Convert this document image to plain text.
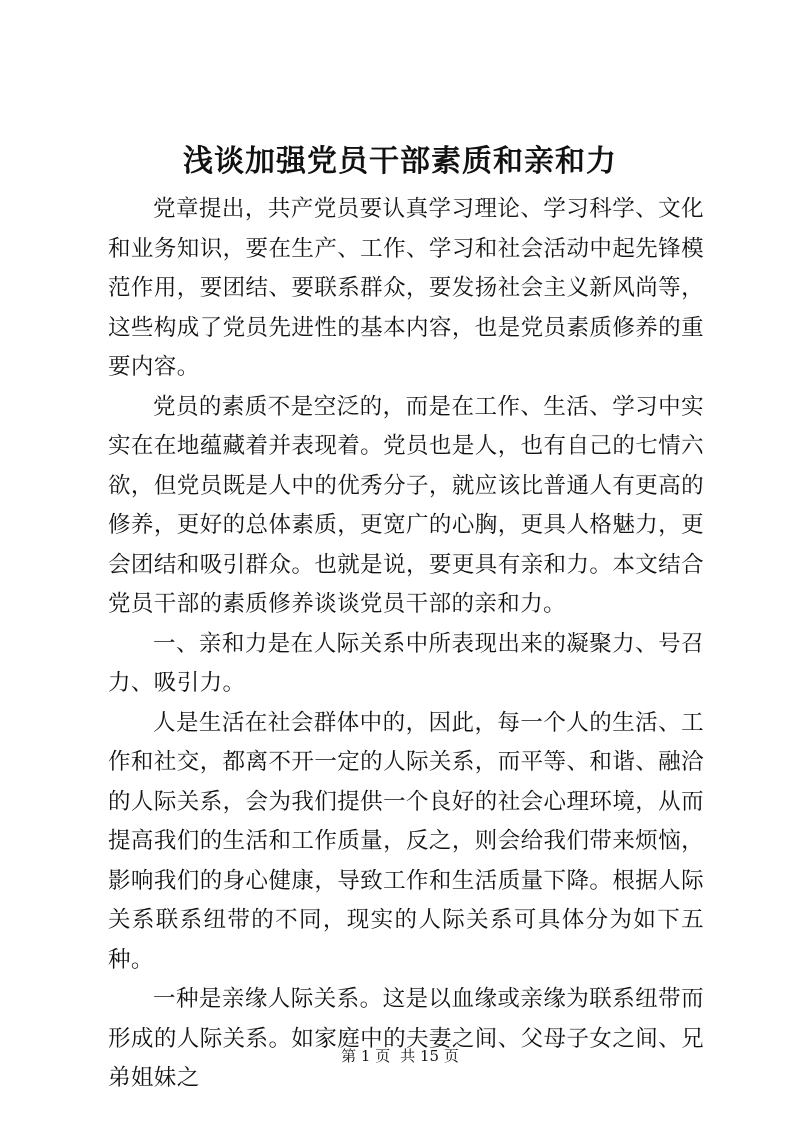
浅谈加强党员干部素质和亲和力

党章提出，共产党员要认真学习理论、学习科学、文化和业务知识，要在生产、工作、学习和社会活动中起先锋模范作用，要团结、要联系群众，要发扬社会主义新风尚等，这些构成了党员先进性的基本内容，也是党员素质修养的重要内容。

党员的素质不是空泛的，而是在工作、生活、学习中实实在在地蕴藏着并表现着。党员也是人，也有自己的七情六欲，但党员既是人中的优秀分子，就应该比普通人有更高的修养，更好的总体素质，更宽广的心胸，更具人格魅力，更会团结和吸引群众。也就是说，要更具有亲和力。本文结合党员干部的素质修养谈谈党员干部的亲和力。

一、亲和力是在人际关系中所表现出来的凝聚力、号召力、吸引力。

人是生活在社会群体中的，因此，每一个人的生活、工作和社交，都离不开一定的人际关系，而平等、和谐、融洽的人际关系，会为我们提供一个良好的社会心理环境，从而提高我们的生活和工作质量，反之，则会给我们带来烦恼，影响我们的身心健康，导致工作和生活质量下降。根据人际关系联系纽带的不同，现实的人际关系可具体分为如下五种。

一种是亲缘人际关系。这是以血缘或亲缘为联系纽带而形成的人际关系。如家庭中的夫妻之间、父母子女之间、兄弟姐妹之

第 1 页 共 15 页
